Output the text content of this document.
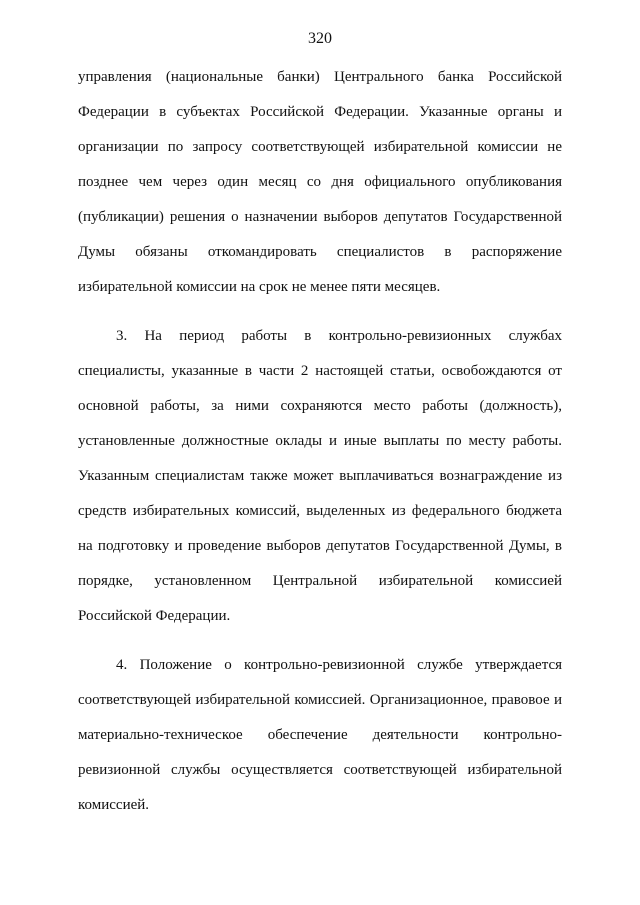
320

управления (национальные банки) Центрального банка Российской Федерации в субъектах Российской Федерации. Указанные органы и организации по запросу соответствующей избирательной комиссии не позднее чем через один месяц со дня официального опубликования (публикации) решения о назначении выборов депутатов Государственной Думы обязаны откомандировать специалистов в распоряжение избирательной комиссии на срок не менее пяти месяцев.

3. На период работы в контрольно-ревизионных службах специалисты, указанные в части 2 настоящей статьи, освобождаются от основной работы, за ними сохраняются место работы (должность), установленные должностные оклады и иные выплаты по месту работы. Указанным специалистам также может выплачиваться вознаграждение из средств избирательных комиссий, выделенных из федерального бюджета на подготовку и проведение выборов депутатов Государственной Думы, в порядке, установленном Центральной избирательной комиссией Российской Федерации.

4. Положение о контрольно-ревизионной службе утверждается соответствующей избирательной комиссией. Организационное, правовое и материально-техническое обеспечение деятельности контрольно-ревизионной службы осуществляется соответствующей избирательной комиссией.
